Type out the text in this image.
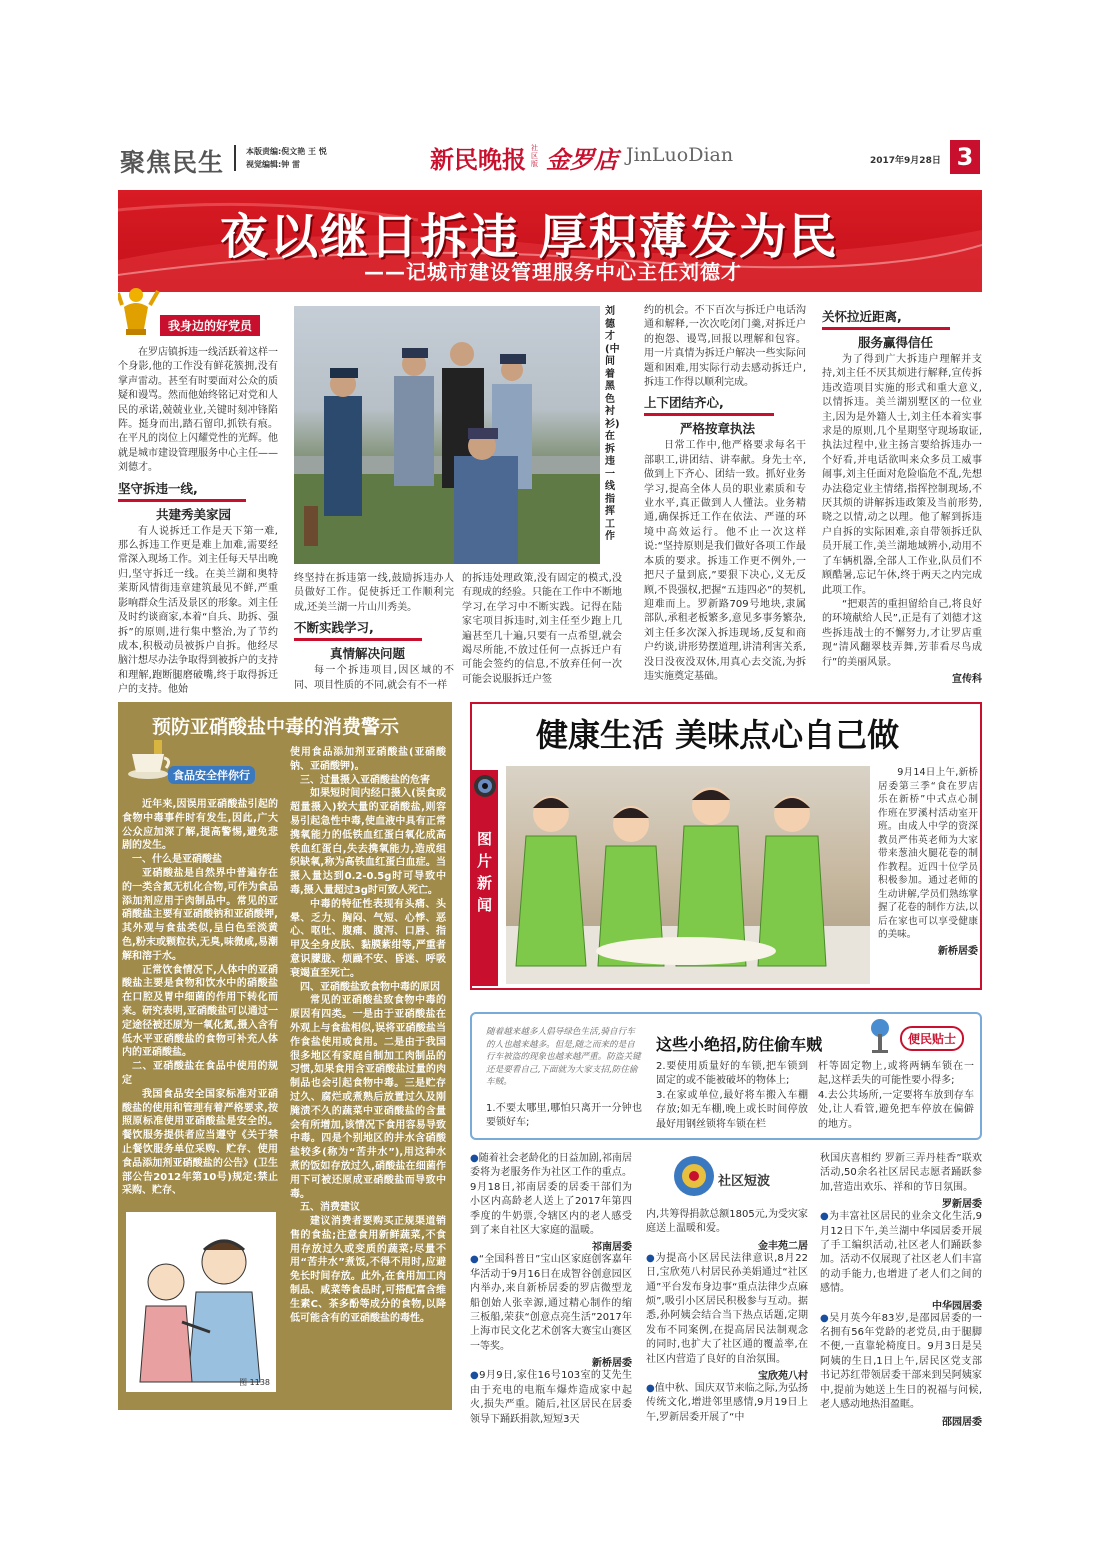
聚焦民生	本版责编:倪文艳 王 悦
视觉编辑:钟 雷	新民晚报 社区版 金罗店 JinLuoDian	2017年9月28日 3
夜以继日拆违 厚积薄发为民
——记城市建设管理服务中心主任刘德才
我身边的好党员

在罗店镇拆违一线活跃着这样一个身影,他的工作没有鲜花簇拥,没有掌声雷动。甚至有时要面对公众的质疑和谩骂。然而他始终铭记对党和人民的承诺,兢兢业业,关键时刻冲锋陷阵。挺身而出,踏石留印,抓铁有痕。在平凡的岗位上闪耀党性的光辉。他就是城市建设管理服务中心主任——刘德才。

坚守拆违一线,
共建秀美家园

有人说拆迁工作是天下第一难,那么拆违工作更是难上加难,需要经常深入现场工作。刘主任每天早出晚归,坚守拆迁一线。在美兰湖和奥特莱斯风情街违章建筑最见不鲜,严重影响群众生活及景区的形象。刘主任及时约谈商家,本着“自兵、助拆、强拆”的原则,进行集中整治,为了节约成本,积极动员被拆户自拆。他经尽脑汁想尽办法争取得到被拆户的支持和理解,跑断腿磨破嘴,终于取得拆迁户的支持。他始

刘德才(中间着黑色衬衫)在拆违一线指挥工作

终坚持在拆违第一线,鼓励拆违办人员做好工作。促使拆迁工作顺利完成,还美兰湖一片山川秀美。

不断实践学习,
真情解决问题

每一个拆违项目,因区域的不同、项目性质的不同,就会有不一样

的拆违处理政策,没有固定的模式,没有现成的经验。只能在工作中不断地学习,在学习中不断实践。记得在陆家宅项目拆违时,刘主任至少跑上几遍甚至几十遍,只要有一点希望,就会竭尽所能,不放过任何一点拆迁户有可能会签约的信息,不放弃任何一次可能会说服拆迁户签

约的机会。不下百次与拆迁户电话沟通和解释,一次次吃闭门羹,对拆迁户的抱怨、谩骂,回报以理解和包容。用一片真情为拆迁户解决一些实际问题和困难,用实际行动去感动拆迁户,拆违工作得以顺利完成。

上下团结齐心,
严格按章执法

日常工作中,他严格要求每名干部职工,讲团结、讲奉献。身先士卒,做到上下齐心、团结一致。抓好业务学习,提高全体人员的职业素质和专业水平,真正做到人人懂法。业务精通,确保拆迁工作在依法、严谨的环境中高效运行。他不止一次这样说:“坚持原则是我们做好各项工作最本质的要求。拆违工作更不例外,一把尺子量到底,”要狠下决心,义无反顾,不畏强权,把握“五违四必”的契机,迎难而上。罗新路709号地块,隶属部队,承租老板繁多,意见多事务繁杂,刘主任多次深入拆违现场,反复和商户约谈,讲形势摆道理,讲清利害关系,没日没夜没双休,用真心去交流,为拆违实施奠定基础。

关怀拉近距离,
服务赢得信任

为了得到广大拆违户理解并支持,刘主任不厌其烦进行解释,宣传拆违改造项目实施的形式和重大意义,以情拆违。美兰湖别墅区的一位业主,因为是外籍人士,刘主任本着实事求是的原则,几个星期坚守现场取证,执法过程中,业主扬言要给拆违办一个好看,并电话欲叫来众多员工威事闹事,刘主任面对危险临危不乱,先想办法稳定业主情绪,指挥控制现场,不厌其烦的讲解拆违政策及当前形势,晓之以情,动之以理。他了解到拆违户自拆的实际困难,亲自带领拆迁队员开展工作,美兰湖地域辨小,动用不了车辆机器,全部人工作业,队员们不顾酷暑,忘记午休,终于两天之内完成此项工作。

“把艰苦的重担留给自己,将良好的环境献给人民”,正是有了刘德才这些拆违战士的不懈努力,才让罗店重现“清风翻翠枝弄舞,芳菲看尽鸟成行”的美丽风景。

宣传科
预防亚硝酸盐中毒的消费警示
食品安全伴你行

近年来,因误用亚硝酸盐引起的食物中毒事件时有发生,因此,广大公众应加深了解,提高警惕,避免悲剧的发生。

一、什么是亚硝酸盐

亚硝酸盐是自然界中普遍存在的一类含氮无机化合物,可作为食品添加剂应用于肉制品中。常见的亚硝酸盐主要有亚硝酸钠和亚硝酸钾,其外观与食盐类似,呈白色至淡黄色,粉末或颗粒状,无臭,味微咸,易潮解和溶于水。

正常饮食情况下,人体中的亚硝酸盐主要是食物和饮水中的硝酸盐在口腔及胃中细菌的作用下转化而来。研究表明,亚硝酸盐可以通过一定途径被还原为一氧化氮,摄入含有低水平亚硝酸盐的食物可补充人体内的亚硝酸盐。

二、亚硝酸盐在食品中使用的规定

我国食品安全国家标准对亚硝酸盐的使用和管理有着严格要求,按照原标准使用亚硝酸盐是安全的。餐饮服务提供者应当遵守《关于禁止餐饮服务单位采购、贮存、使用食品添加剂亚硝酸盐的公告》(卫生部公告2012年第10号)规定:禁止采购、贮存、

图 1138

使用食品添加剂亚硝酸盐(亚硝酸钠、亚硝酸钾)。

三、过量摄入亚硝酸盐的危害

如果短时间内经口摄入(误食或超量摄入)较大量的亚硝酸盐,则容易引起急性中毒,使血液中具有正常携氧能力的低铁血红蛋白氧化成高铁血红蛋白,失去携氧能力,造成组织缺氧,称为高铁血红蛋白血症。当摄入量达到0.2-0.5g时可导致中毒,摄入量超过3g时可致人死亡。

中毒的特征性表现有头痛、头晕、乏力、胸闷、气短、心悸、恶心、呕吐、腹痛、腹泻、口唇、指甲及全身皮肤、黏膜紫绀等,严重者意识朦胧、烦躁不安、昏迷、呼吸衰竭直至死亡。

四、亚硝酸盐致食物中毒的原因

常见的亚硝酸盐致食物中毒的原因有四类。一是由于亚硝酸盐在外观上与食盐相似,误将亚硝酸盐当作食盐使用或食用。二是由于我国很多地区有家庭自制加工肉制品的习惯,如果食用含亚硝酸盐过量的肉制品也会引起食物中毒。三是贮存过久、腐烂或煮熟后放置过久及刚腌渍不久的蔬菜中亚硝酸盐的含量会有所增加,该情况下食用容易导致中毒。四是个别地区的井水含硝酸盐较多(称为“苦井水”),用这种水煮的饭如存放过久,硝酸盐在细菌作用下可被还原成亚硝酸盐而导致中毒。

五、消费建议

建议消费者要购买正规渠道销售的食盐;注意食用新鲜蔬菜,不食用存放过久或变质的蔬菜;尽量不用“苦井水”煮饭,不得不用时,应避免长时间存放。此外,在食用加工肉制品、咸菜等食品时,可搭配富含维生素C、茶多酚等成分的食物,以降低可能含有的亚硝酸盐的毒性。

健康生活 美味点心自己做
图片新闻

9月14日上午,新桥居委第三季“食在罗店 乐在新桥”中式点心制作班在罗溪村活动室开班。由成人中学的资深教员严伟英老师为大家带来葱油火腿花卷的制作教程。近四十位学员积极参加。通过老师的生动讲解,学员们熟练掌握了花卷的制作方法,以后在家也可以享受健康的美味。

新桥居委
随着越来越多人倡导绿色生活,骑自行车的人也越来越多。但是,随之而来的是自行车被盗的现象也越来越严重。防盗关键还是要看自己,下面就为大家支招,防住偷车贼。
这些小绝招,防住偷车贼	便民贴士

1.不要太哪里,哪怕只离开一分钟也要锁好车;

2.要使用质量好的车锁,把车锁到固定的或不能被破坏的物体上;

3.在家或单位,最好将车搬入车棚存放;如无车棚,晚上或长时间停放最好用钢丝锁将车锁在栏

杆等固定物上,或将两辆车锁在一起,这样丢失的可能性要小得多;

4.去公共场所,一定要将车放到存车处,让人看管,避免把车停放在偏僻的地方。

●随着社会老龄化的日益加剧,祁南居委将为老服务作为社区工作的重点。9月18日,祁南居委的居委干部们为小区内高龄老人送上了2017年第四季度的牛奶票,令辖区内的老人感受到了来自社区大家庭的温暖。

祁南居委

●“全国科普日”宝山区家庭创客嘉年华活动于9月16日在成智谷创意园区内举办,来自新桥居委的罗店微型龙船创始人张幸源,通过精心制作的缩三板船,荣获“创意点亮生活”2017年上海市民文化艺术创客大赛宝山赛区一等奖。

新桥居委

●9月9日,家住16号103室的艾先生由于充电的电瓶车爆炸造成家中起火,损失严重。随后,社区居民在居委领导下踊跃捐款,短短3天

社区短波

内,共筹得捐款总额1805元,为受灾家庭送上温暖和爱。

金丰苑二居

●为提高小区居民法律意识,8月22日,宝欣苑八村居民孙美娟通过“社区通”平台发布身边事“重点法律少点麻烦”,吸引小区居民积极参与互动。据悉,孙阿姨会结合当下热点话题,定期发布不同案例,在提高居民法制观念的同时,也扩大了社区通的覆盖率,在社区内营造了良好的自治氛围。

宝欣苑八村

●值中秋、国庆双节来临之际,为弘扬传统文化,增进邻里感情,9月19日上午,罗新居委开展了“中

秋国庆喜相约 罗新三弄丹桂香”联欢活动,50余名社区居民志愿者踊跃参加,营造出欢乐、祥和的节日氛围。

罗新居委

●为丰富社区居民的业余文化生活,9月12日下午,美兰湖中华园居委开展了手工编织活动,社区老人们踊跃参加。活动不仅展现了社区老人们丰富的动手能力,也增进了老人们之间的感情。

中华园居委

●吴月英今年83岁,是邵园居委的一名拥有56年党龄的老党员,由于腿脚不便,一直靠轮椅度日。9月3日是吴阿姨的生日,1日上午,居民区党支部书记苏红带领居委干部来到吴阿姨家中,提前为她送上生日的祝福与问候,老人感动地热泪盈眶。

邵园居委
